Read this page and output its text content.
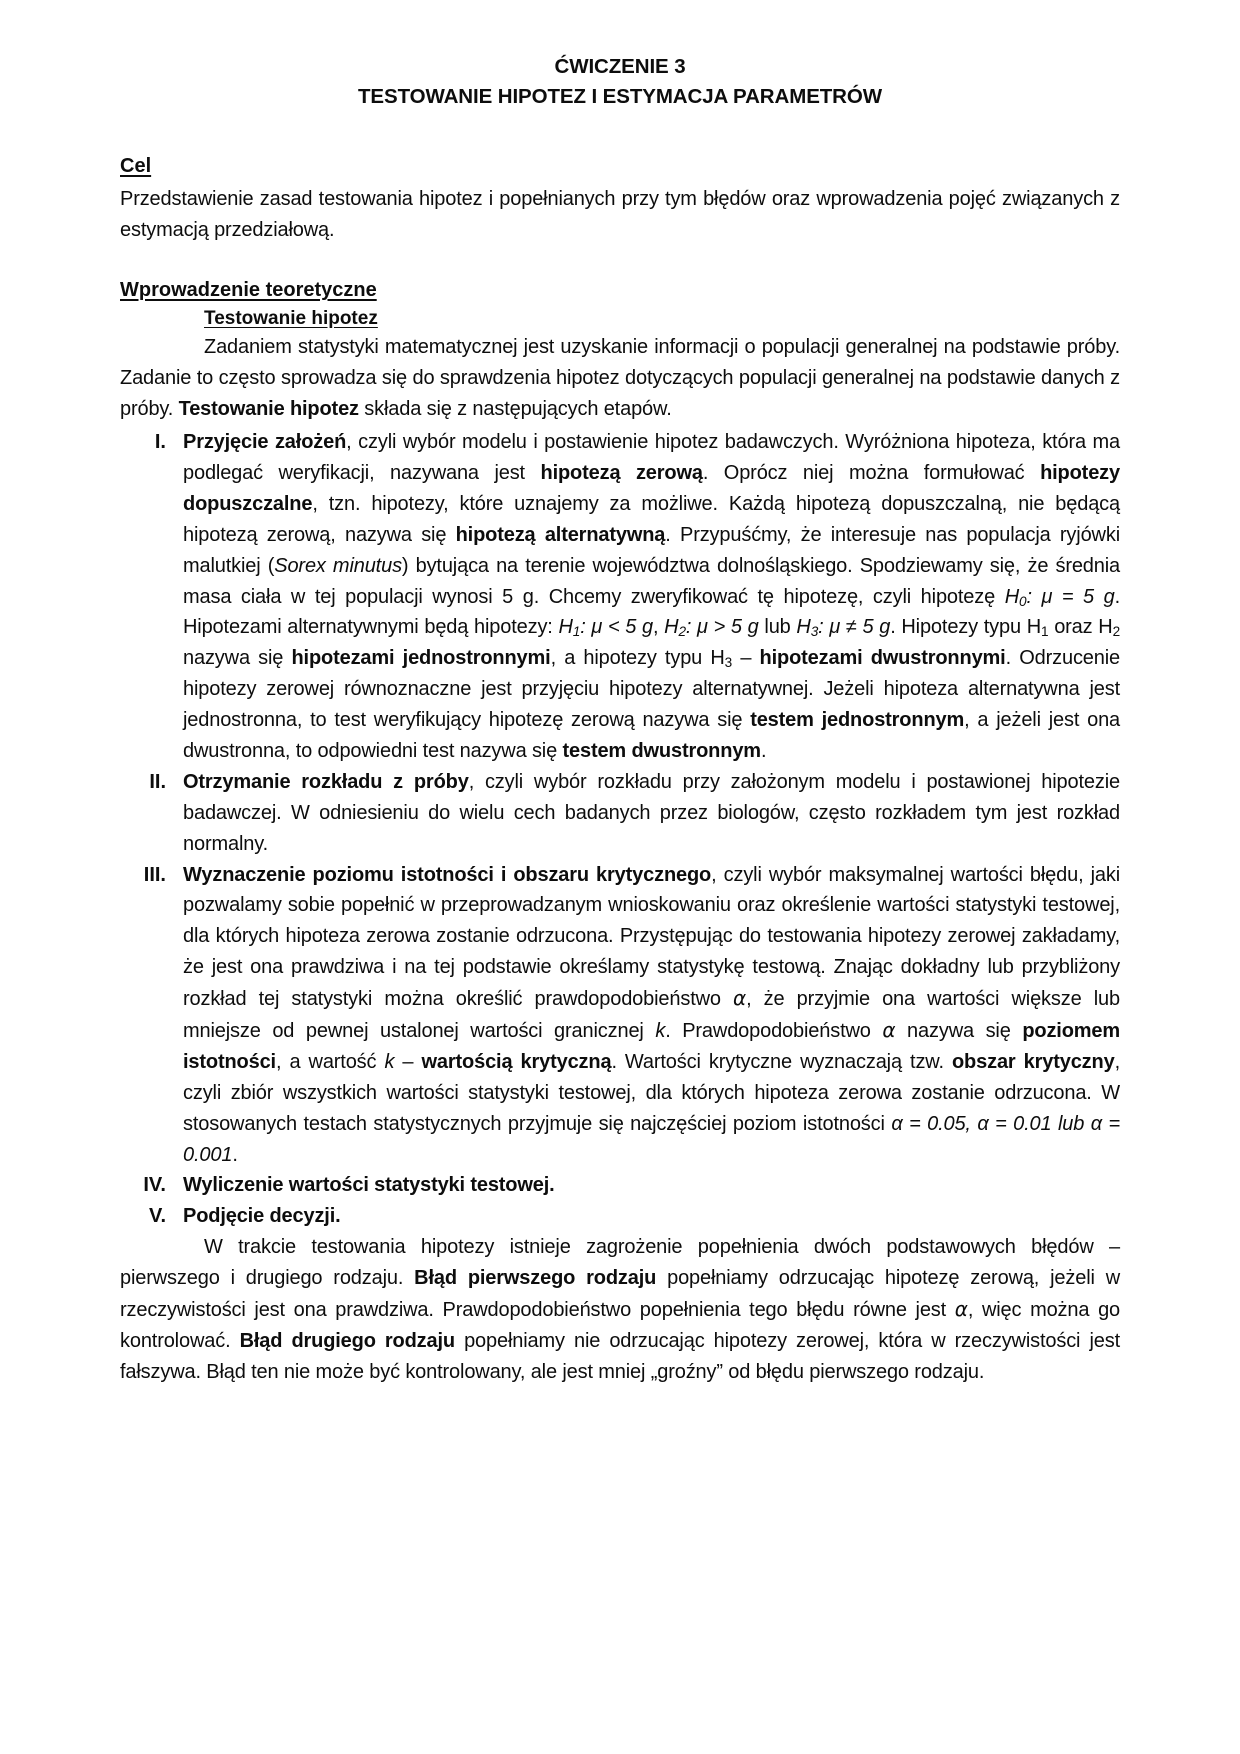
ĆWICZENIE 3
TESTOWANIE HIPOTEZ I ESTYMACJA PARAMETRÓW
Cel

Przedstawienie zasad testowania hipotez i popełnianych przy tym błędów oraz wprowadzenia pojęć związanych z estymacją przedziałową.

Wprowadzenie teoretyczne
Testowanie hipotez

Zadaniem statystyki matematycznej jest uzyskanie informacji o populacji generalnej na podstawie próby. Zadanie to często sprowadza się do sprawdzenia hipotez dotyczących populacji generalnej na podstawie danych z próby. Testowanie hipotez składa się z następujących etapów.

I. Przyjęcie założeń, czyli wybór modelu i postawienie hipotez badawczych. Wyróżniona hipoteza, która ma podlegać weryfikacji, nazywana jest hipotezą zerową. Oprócz niej można formułować hipotezy dopuszczalne, tzn. hipotezy, które uznajemy za możliwe. Każdą hipotezą dopuszczalną, nie będącą hipotezą zerową, nazywa się hipotezą alternatywną. Przypuśćmy, że interesuje nas populacja ryjówki malutkiej (Sorex minutus) bytująca na terenie województwa dolnośląskiego. Spodziewamy się, że średnia masa ciała w tej populacji wynosi 5 g. Chcemy zweryfikować tę hipotezę, czyli hipotezę $H_0$: μ = 5 g. Hipotezami alternatywnymi będą hipotezy: $H_1$: μ < 5 g, $H_2$: μ > 5 g lub $H_3$: μ ≠ 5 g. Hipotezy typu $H_1$ oraz $H_2$ nazywa się hipotezami jednostronnymi, a hipotezy typu $H_3$ – hipotezami dwustronnymi. Odrzucenie hipotezy zerowej równoznaczne jest przyjęciu hipotezy alternatywnej. Jeżeli hipoteza alternatywna jest jednostronna, to test weryfikujący hipotezę zerową nazywa się testem jednostronnym, a jeżeli jest ona dwustronna, to odpowiedni test nazywa się testem dwustronnym.

II. Otrzymanie rozkładu z próby, czyli wybór rozkładu przy założonym modelu i postawionej hipotezie badawczej. W odniesieniu do wielu cech badanych przez biologów, często rozkładem tym jest rozkład normalny.

III. Wyznaczenie poziomu istotności i obszaru krytycznego, czyli wybór maksymalnej wartości błędu, jaki pozwalamy sobie popełnić w przeprowadzanym wnioskowaniu oraz określenie wartości statystyki testowej, dla których hipoteza zerowa zostanie odrzucona. Przystępując do testowania hipotezy zerowej zakładamy, że jest ona prawdziwa i na tej podstawie określamy statystykę testową. Znając dokładny lub przybliżony rozkład tej statystyki można określić prawdopodobieństwo α, że przyjmie ona wartości większe lub mniejsze od pewnej ustalonej wartości granicznej k. Prawdopodobieństwo α nazywa się poziomem istotności, a wartość k – wartością krytyczną. Wartości krytyczne wyznaczają tzw. obszar krytyczny, czyli zbiór wszystkich wartości statystyki testowej, dla których hipoteza zerowa zostanie odrzucona. W stosowanych testach statystycznych przyjmuje się najczęściej poziom istotności α = 0.05, α = 0.01 lub α = 0.001.

IV. Wyliczenie wartości statystyki testowej.

V. Podjęcie decyzji.

W trakcie testowania hipotezy istnieje zagrożenie popełnienia dwóch podstawowych błędów – pierwszego i drugiego rodzaju. Błąd pierwszego rodzaju popełniamy odrzucając hipotezę zerową, jeżeli w rzeczywistości jest ona prawdziwa. Prawdopodobieństwo popełnienia tego błędu równe jest α, więc można go kontrolować. Błąd drugiego rodzaju popełniamy nie odrzucając hipotezy zerowej, która w rzeczywistości jest fałszywa. Błąd ten nie może być kontrolowany, ale jest mniej „groźny” od błędu pierwszego rodzaju.
